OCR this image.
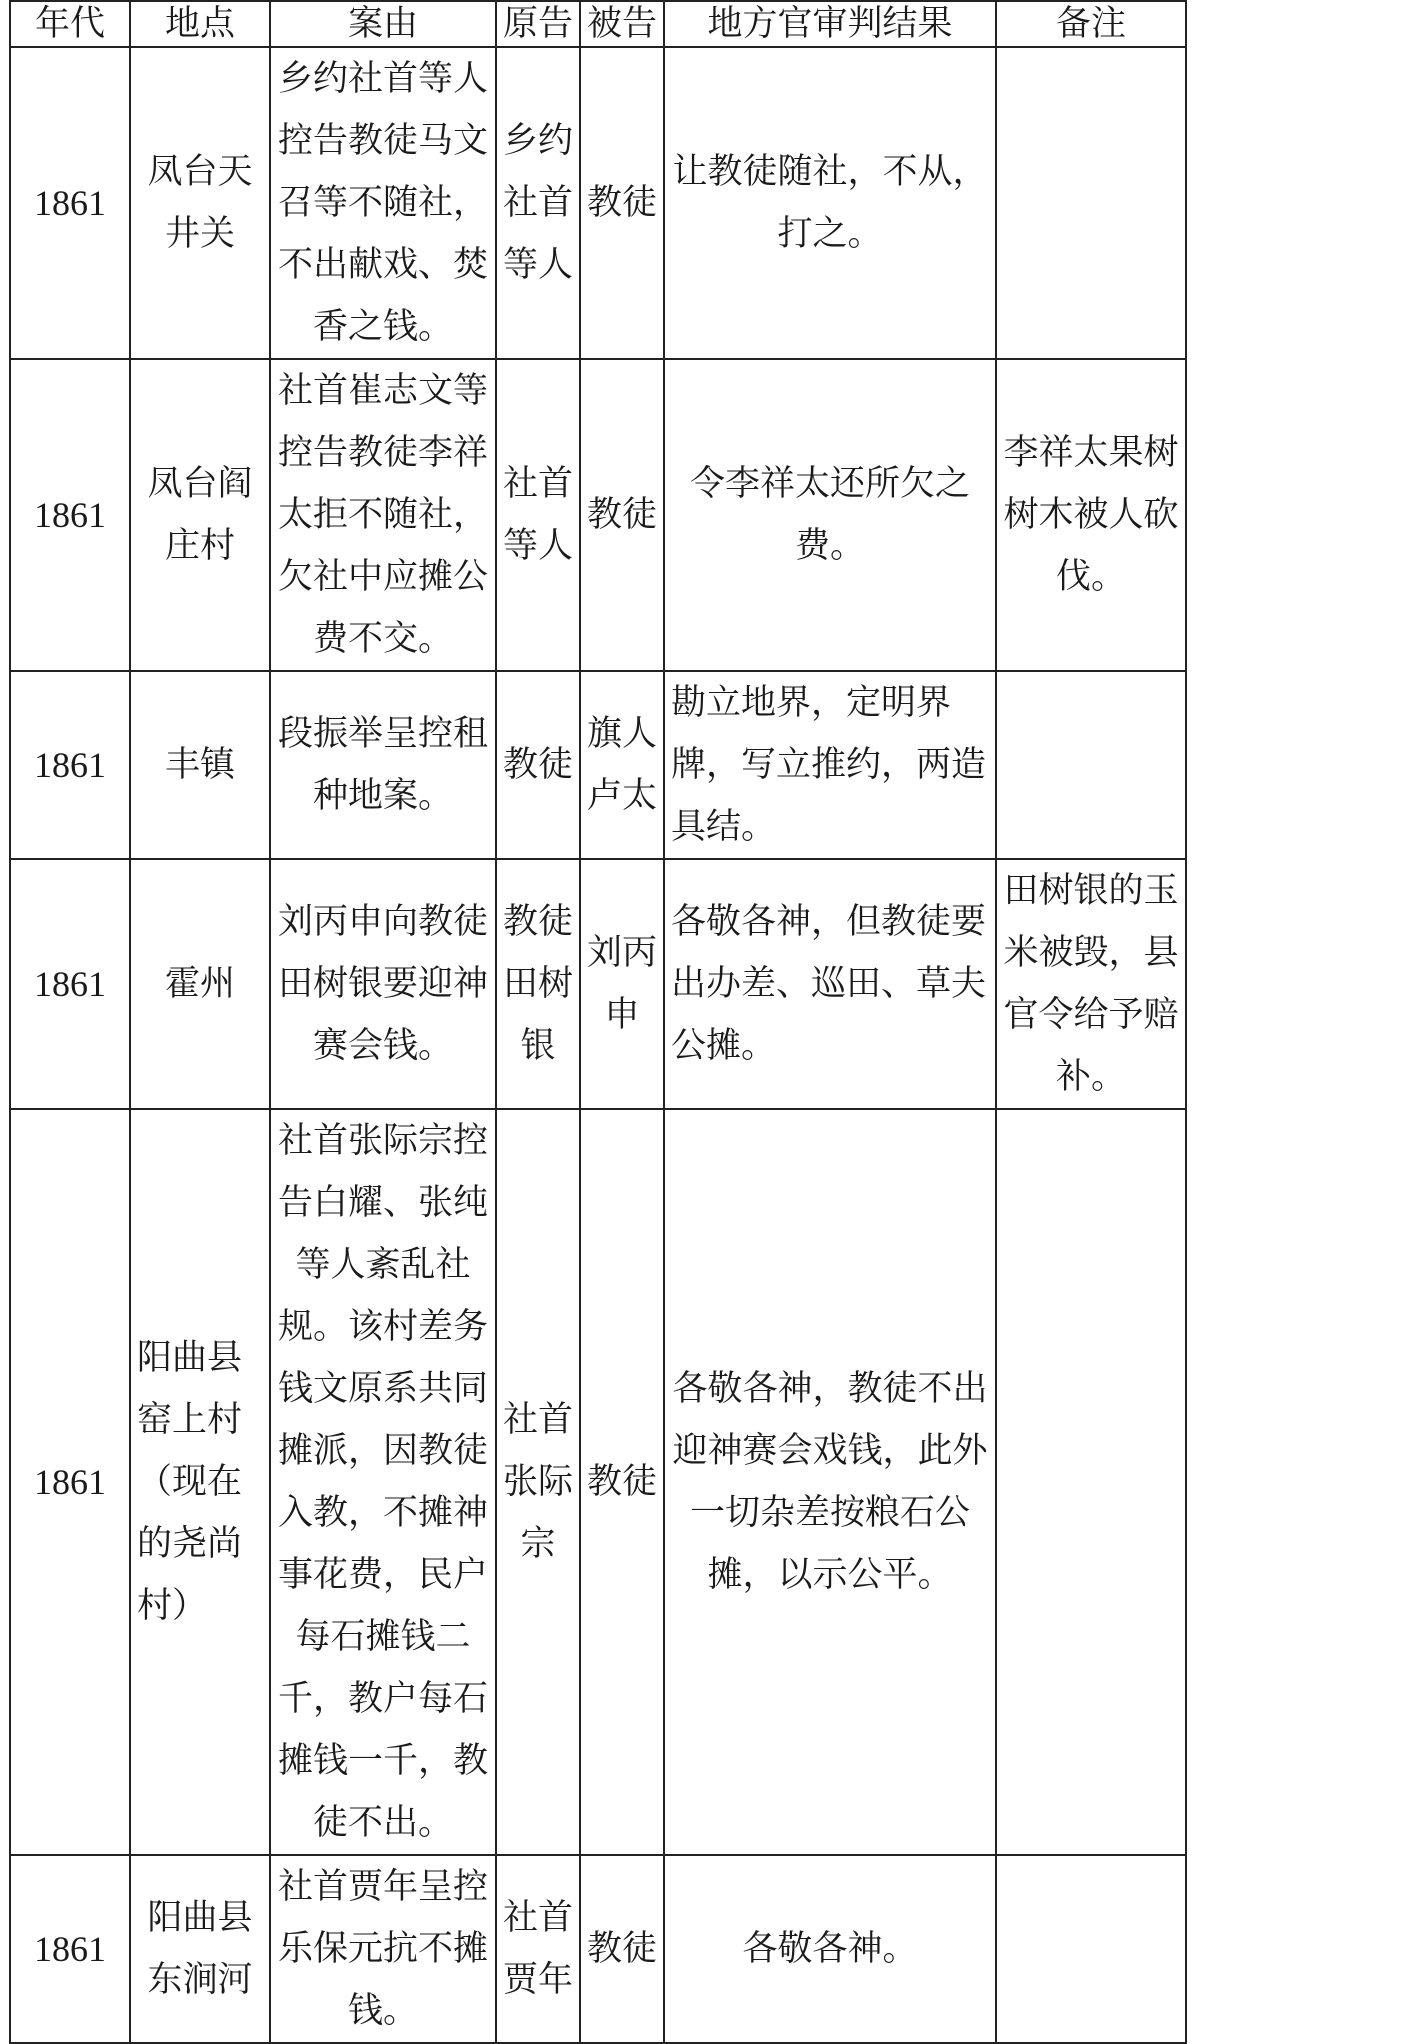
年代	地点	案由	原告	被告	地方官审判结果	备注
1861	凤台天井关	乡约社首等人控告教徒马文召等不随社，不出献戏、焚香之钱。	乡约社首等人	教徒	让教徒随社，不从，打之。	
1861	凤台阎庄村	社首崔志文等控告教徒李祥太拒不随社，欠社中应摊公费不交。	社首等人	教徒	令李祥太还所欠之费。	李祥太果树树木被人砍伐。
1861	丰镇	段振举呈控租种地案。	教徒	旗人卢太	勘立地界，定明界牌，写立推约，两造具结。	
1861	霍州	刘丙申向教徒田树银要迎神赛会钱。	教徒田树银	刘丙申	各敬各神，但教徒要出办差、巡田、草夫公摊。	田树银的玉米被毁，县官令给予赔补。
1861	阳曲县窑上村（现在的尧尚村）	社首张际宗控告白耀、张纯等人紊乱社规。该村差务钱文原系共同摊派，因教徒入教，不摊神事花费，民户每石摊钱二千，教户每石摊钱一千，教徒不出。	社首张际宗	教徒	各敬各神，教徒不出迎神赛会戏钱，此外一切杂差按粮石公摊，以示公平。	
1861	阳曲县东涧河	社首贾年呈控乐保元抗不摊钱。	社首贾年	教徒	各敬各神。	
